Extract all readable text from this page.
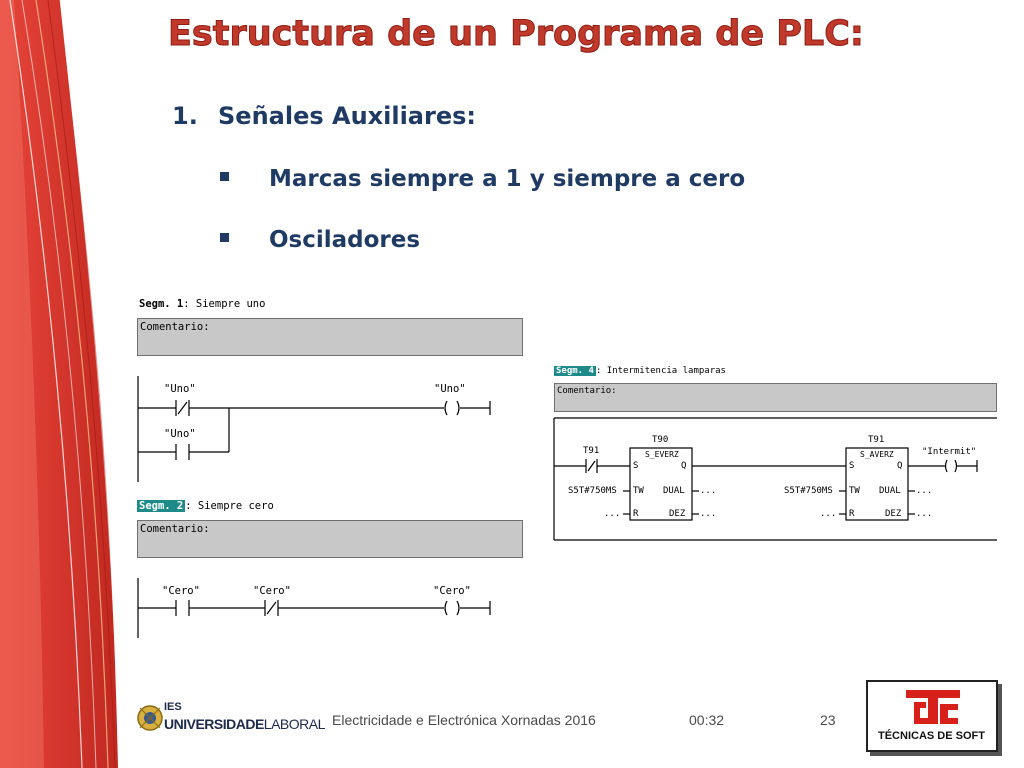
Estructura de un Programa de PLC:
1. Señales Auxiliares:
Marcas siempre a 1 y siempre a cero
Osciladores
Segm. 1: Siempre uno
Comentario:
"Uno"
"Uno"
"Uno"
Segm. 2 : Siempre cero
Comentario:
"Cero"	"Cero"	"Cero"
Segm. 4 : Intermitencia lamparas
Comentario:
T91
T90
S_EVERZ
S	Q
TW DUAL
R	DEZ
S5T#750MS
...
...
...
T91
S_AVERZ
S	Q
TW DUAL
R	DEZ
S5T#750MS
...
...
...
"Intermit"
IES
UNIVERSIDADELABORAL Electricidade e Electrónica Xornadas 2016	00:32	23
TÉCNICAS DE SOFT
